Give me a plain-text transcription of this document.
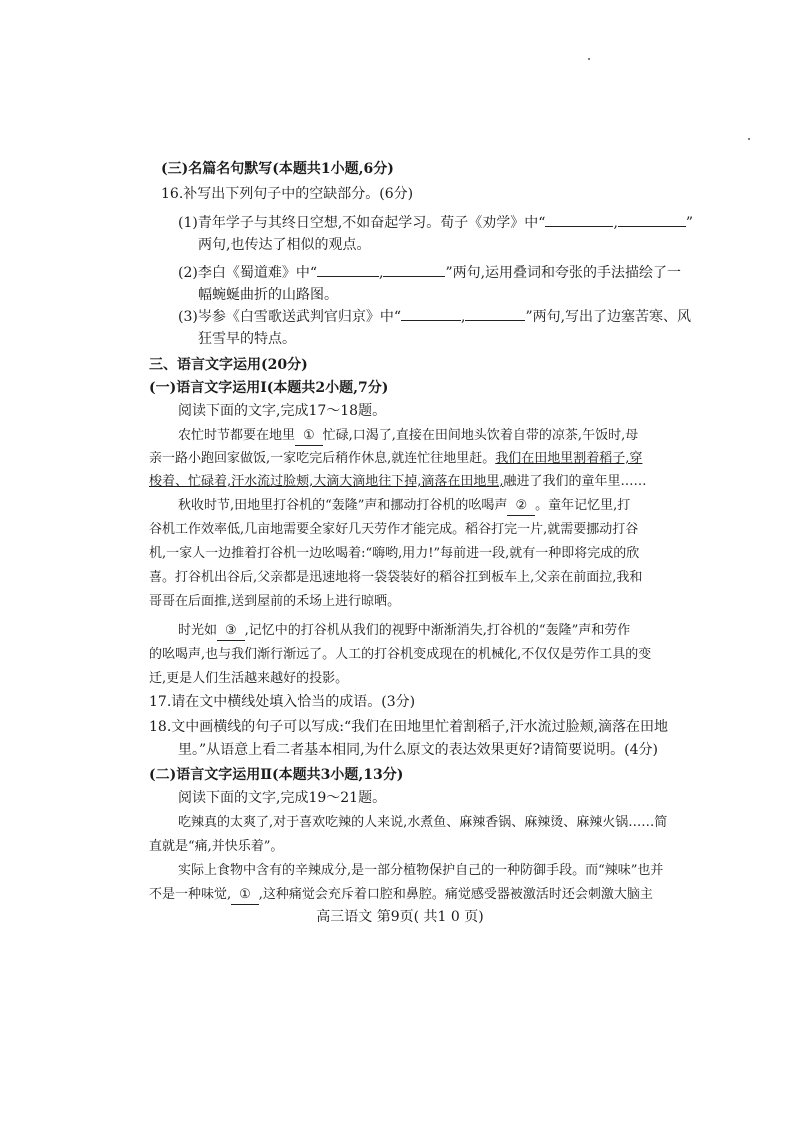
(三)名篇名句默写(本题共1小题,6分)
16.补写出下列句子中的空缺部分。(6分)
(1)青年学子与其终日空想,不如奋起学习。荀子《劝学》中“	,	”
两句,也传达了相似的观点。
(2)李白《蜀道难》中“	,	”两句,运用叠词和夸张的手法描绘了一
幅蜿蜒曲折的山路图。
(3)岑参《白雪歌送武判官归京》中“	,	”两句,写出了边塞苦寒、风
狂雪早的特点。
三、语言文字运用(20分)
(一)语言文字运用Ⅰ(本题共2小题,7分)
阅读下面的文字,完成17～18题。
农忙时节都要在地里 ① 忙碌,口渴了,直接在田间地头饮着自带的凉茶,午饭时,母
亲一路小跑回家做饭,一家吃完后稍作休息,就连忙往地里赶。我们在田地里割着稻子,穿
梭着、忙碌着,汗水流过脸颊,大滴大滴地往下掉,滴落在田地里,融进了我们的童年里……
秋收时节,田地里打谷机的“轰隆”声和挪动打谷机的吆喝声 ② 。童年记忆里,打
谷机工作效率低,几亩地需要全家好几天劳作才能完成。稻谷打完一片,就需要挪动打谷
机,一家人一边推着打谷机一边吆喝着:“嗨哟,用力!”每前进一段,就有一种即将完成的欣
喜。打谷机出谷后,父亲都是迅速地将一袋袋装好的稻谷扛到板车上,父亲在前面拉,我和
哥哥在后面推,送到屋前的禾场上进行晾晒。
时光如 ③ ,记忆中的打谷机从我们的视野中渐渐消失,打谷机的“轰隆”声和劳作
的吆喝声,也与我们渐行渐远了。人工的打谷机变成现在的机械化,不仅仅是劳作工具的变
迁,更是人们生活越来越好的投影。
17.请在文中横线处填入恰当的成语。(3分)
18.文中画横线的句子可以写成:“我们在田地里忙着割稻子,汗水流过脸颊,滴落在田地
里。”从语意上看二者基本相同,为什么原文的表达效果更好?请简要说明。(4分)
(二)语言文字运用Ⅱ(本题共3小题,13分)
阅读下面的文字,完成19～21题。
吃辣真的太爽了,对于喜欢吃辣的人来说,水煮鱼、麻辣香锅、麻辣烫、麻辣火锅……简
直就是“痛,并快乐着”。
实际上食物中含有的辛辣成分,是一部分植物保护自己的一种防御手段。而“辣味”也并
不是一种味觉, ① ,这种痛觉会充斥着口腔和鼻腔。痛觉感受器被激活时还会刺激大脑主
高三语文 第9页( 共1 0 页)
